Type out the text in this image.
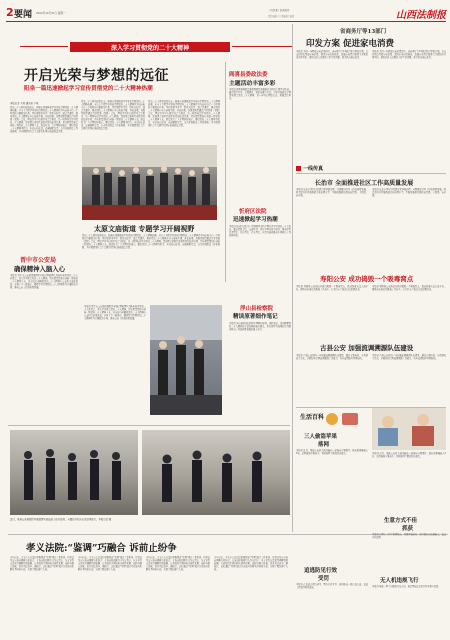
2 要闻 2022年10月31日 星期一
一线贯通 / 新闻热线
责任编辑 / 美术编辑 / 校对	山西法制报
深入学习贯彻党的二十大精神
开启光荣与梦想的远征
阳泉一篇迅速掀起学习宣传贯彻党的二十大精神热潮
本报记者 王某 通讯员 李某
党的二十大胜利闭幕以来，阳泉市迅速掀起学习宣传贯彻党的二十大精神热潮。全市上下把学习宣传贯彻党的二十大精神作为当前和今后一个时期的首要政治任务，坚持原原本本学、联系实际学、融会贯通学，推动党的二十大精神在全市落地生根、开花结果。各级党组织通过召开党委（党组）会议、理论学习中心组学习会等形式，第一时间传达学习党的二十大精神，深刻领会新时代新征程党的使命任务，切实把思想和行动统一到党的二十大精神上来。政法机关广大干警纷纷表示，要以党的二十大精神为指引，牢记初心使命，忠诚履职尽责，奋力开创政法工作新局面，为全面建设社会主义现代化国家贡献政法力量。
党的二十大胜利闭幕以来，阳泉市迅速掀起学习宣传贯彻党的二十大精神热潮。全市上下把学习宣传贯彻党的二十大精神作为当前和今后一个时期的首要政治任务，坚持原原本本学、联系实际学、融会贯通学，推动党的二十大精神在全市落地生根、开花结果。各级党组织通过召开党委（党组）会议、理论学习中心组学习会等形式，第一时间传达学习党的二十大精神，深刻领会新时代新征程党的使命任务，切实把思想和行动统一到党的二十大精神上来。政法机关广大干警纷纷表示，要以党的二十大精神为指引，牢记初心使命，忠诚履职尽责，奋力开创政法工作新局面，为全面建设社会主义现代化国家贡献政法力量。
党的二十大胜利闭幕以来，阳泉市迅速掀起学习宣传贯彻党的二十大精神热潮。全市上下把学习宣传贯彻党的二十大精神作为当前和今后一个时期的首要政治任务，坚持原原本本学、联系实际学、融会贯通学，推动党的二十大精神在全市落地生根、开花结果。各级党组织通过召开党委（党组）会议、理论学习中心组学习会等形式，第一时间传达学习党的二十大精神，深刻领会新时代新征程党的使命任务，切实把思想和行动统一到党的二十大精神上来。政法机关广大干警纷纷表示，要以党的二十大精神为指引，牢记初心使命，忠诚履职尽责，奋力开创政法工作新局面，为全面建设社会主义现代化国家贡献政法力量。
太原文庙街道 专题学习开阔视野
党的二十大胜利闭幕以来，阳泉市迅速掀起学习宣传贯彻党的二十大精神热潮。全市上下把学习宣传贯彻党的二十大精神作为当前和今后一个时期的首要政治任务，坚持原原本本学、联系实际学、融会贯通学，推动党的二十大精神在全市落地生根、开花结果。各级党组织通过召开党委（党组）会议、理论学习中心组学习会等形式，第一时间传达学习党的二十大精神，深刻领会新时代新征程党的使命任务，切实把思想和行动统一到党的二十大精神上来。政法机关广大干警纷纷表示，要以党的二十大精神为指引，牢记初心使命，忠诚履职尽责，奋力开创政法工作新局面，为全面建设社会主义现代化国家贡献政法力量。
晋中市公安局
确保精神入脑入心
本报讯 晋中市公安局迅速组织全局民警辅警认真收听收看党的二十大开幕会，深入学习领会党的二十大精神，切实把思想和行动统一到党的二十大精神上来，以实际行动确保党的二十大精神在公安机关落地见效。全局上下一致表示，要把学习贯彻党的二十大精神作为首要政治任务，推动公安工作高质量发展。
阎喜县委政法委
主题活动丰富多彩
本报讯 阎喜县委政法委积极组织开展形式多样的主题学习活动，通过集中学习、专题研讨、知识竞赛等方式，引导全县政法干警深刻领会党的二十大精神，进一步坚定理想信念，增强责任担当。
忻府区法院
迅速掀起学习热潮
本报讯 忻府区法院第一时间组织全院干警认真学习党的二十大报告，通过党组会议、支部学习、青年干警座谈等形式，推动学习往深里走、往心里走、往实里走，以学习成效推动审判执行工作提质增效。
浮山县检察院
精读原著细作笔记
本报讯 浮山县检察院组织干警精读原著、细作笔记，深刻理解党的二十大精神的丰富内涵和核心要义，切实把学习成果转化为推动检察工作高质量发展的强大动力。
本报讯 晋中市公安局迅速组织全局民警辅警认真收听收看党的二十大开幕会，深入学习领会党的二十大精神，切实把思想和行动统一到党的二十大精神上来，以实际行动确保党的二十大精神在公安机关落地见效。全局上下一致表示，要把学习贯彻党的二十大精神作为首要政治任务，推动公安工作高质量发展。
近日，某县公安局组织开展民警实战技能大练兵活动，全面提升队伍应急处置能力。本报记者 摄
孝义法院:“鉴调”巧融合 诉前止纷争
今年以来，孝义市人民法院积极探索“鉴调”融合工作机制，将司法鉴定与诉前调解有机结合，在诉前阶段即引入鉴定程序，以专业鉴定意见为调解提供依据，有效促进矛盾纠纷实质性化解，减轻当事人诉累，提升司法效率。据统计，该院通过“鉴调”融合方式成功化解各类纠纷多起，实现了案结事了人和。
今年以来，孝义市人民法院积极探索“鉴调”融合工作机制，将司法鉴定与诉前调解有机结合，在诉前阶段即引入鉴定程序，以专业鉴定意见为调解提供依据，有效促进矛盾纠纷实质性化解，减轻当事人诉累，提升司法效率。据统计，该院通过“鉴调”融合方式成功化解各类纠纷多起，实现了案结事了人和。
今年以来，孝义市人民法院积极探索“鉴调”融合工作机制，将司法鉴定与诉前调解有机结合，在诉前阶段即引入鉴定程序，以专业鉴定意见为调解提供依据，有效促进矛盾纠纷实质性化解，减轻当事人诉累，提升司法效率。据统计，该院通过“鉴调”融合方式成功化解各类纠纷多起，实现了案结事了人和。
今年以来，孝义市人民法院积极探索“鉴调”融合工作机制，将司法鉴定与诉前调解有机结合，在诉前阶段即引入鉴定程序，以专业鉴定意见为调解提供依据，有效促进矛盾纠纷实质性化解，减轻当事人诉累，提升司法效率。据统计，该院通过“鉴调”融合方式成功化解各类纠纷多起，实现了案结事了人和。
省商务厅等13部门
印发方案 促进家电消费
本报讯 为进一步释放家电消费潜力，省商务厅等13部门联合印发方案，从支持绿色智能家电消费、推进家电以旧换新、加强家电售后服务等方面提出具体举措，更好满足人民群众美好生活需要，助力经济稳定恢复。
本报讯 为进一步释放家电消费潜力，省商务厅等13部门联合印发方案，从支持绿色智能家电消费、推进家电以旧换新、加强家电售后服务等方面提出具体举措，更好满足人民群众美好生活需要，助力经济稳定恢复。
一线传真
长治市 全面推进社区工作高质量发展
本报讯 长治市坚持以党建引领基层治理，全面推进社区工作高质量发展，着力提升社区服务能力和治理水平，不断增强居民群众获得感、幸福感、安全感。
本报讯 长治市坚持以党建引领基层治理，全面推进社区工作高质量发展，着力提升社区服务能力和治理水平，不断增强居民群众获得感、幸福感、安全感。
寿阳公安 成功捣毁一个吸毒窝点
本报讯 寿阳县公安局近日成功捣毁一个吸毒窝点，抓获涉毒违法人员多名，现场查获毒品及吸毒工具若干，有力打击了毒品违法犯罪活动。
本报讯 寿阳县公安局近日成功捣毁一个吸毒窝点，抓获涉毒违法人员多名，现场查获毒品及吸毒工具若干，有力打击了毒品违法犯罪活动。
古县公安 加强流调溯源队伍建设
本报讯 古县公安局进一步加强流调溯源队伍建设，通过专题培训、实战演练等方式，全面提升民警流调溯源工作能力，筑牢疫情防控坚固防线。
本报讯 古县公安局进一步加强流调溯源队伍建设，通过专题培训、实战演练等方式，全面提升民警流调溯源工作能力，筑牢疫情防控坚固防线。
生活百科
三人偷盗苹果
落网
本报讯 近日，某地公安机关成功破获一起盗窃苹果案件，抓获犯罪嫌疑人3名，追回被盗苹果若干，及时挽回了群众经济损失。	本报讯 近日，某地公安机关成功破获一起盗窃苹果案件，抓获犯罪嫌疑人3名，追回被盗苹果若干，及时挽回了群众经济损失。
生意方式不佳
抓获
本报讯 民警在工作中发现线索，迅速开展侦查，成功抓获违法嫌疑人，依法予以处理。
追逃防见行效
受罚
本报讯 在追逃专项行动中，警方多措并举，成功抓获一批在逃人员，追逃工作取得明显成效。
无人机违规飞行
本报讯 某地一男子违规放飞无人机，被民警依法查处并给予相应处罚。
